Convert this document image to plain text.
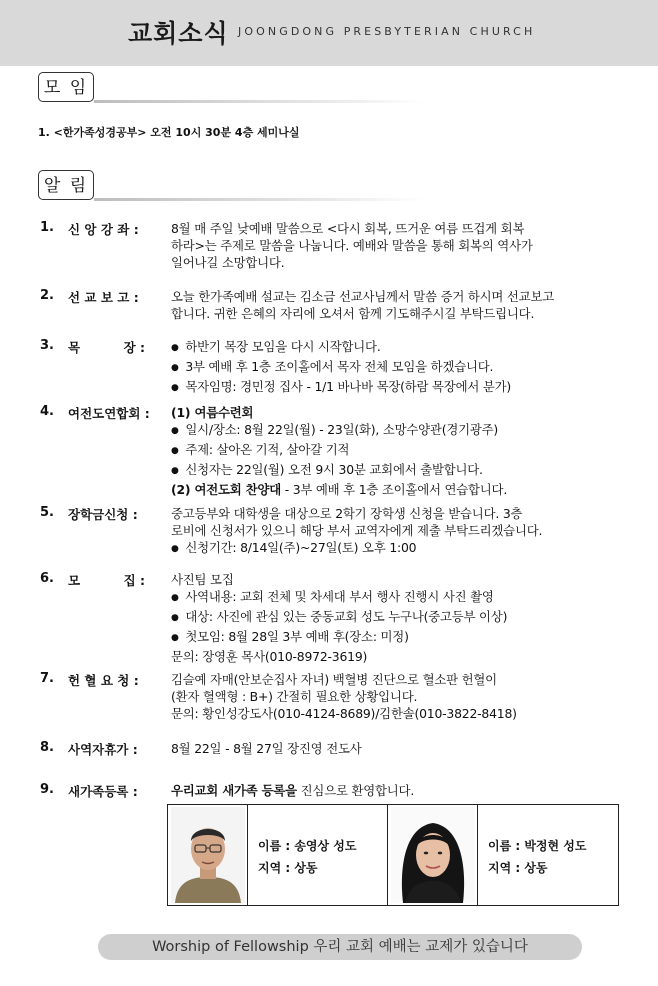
교회소식 JOONGDONG PRESBYTERIAN CHURCH
모 임
1. <한가족성경공부> 오전 10시 30분 4층 세미나실
알 림
1. 신 앙 강 좌 :	8월 매 주일 낮예배 말씀으로 <다시 회복, 뜨거운 여름 뜨겁게 회복

하라>는 주제로 말씀을 나눕니다. 예배와 말씀을 통해 회복의 역사가

일어나길 소망합니다.

2. 선 교 보 고 :	오늘 한가족예배 설교는 김소금 선교사님께서 말씀 증거 하시며 선교보고

합니다. 귀한 은혜의 자리에 오셔서 함께 기도해주시길 부탁드립니다.

3. 목          장 :

●	하반기 목장 모임을 다시 시작합니다.

● 3부 예배 후 1층 조이홀에서 목자 전체 모임을 하겠습니다.

● 목자임명: 경민정 집사 - 1/1 바나바 목장(하람 목장에서 분가)

4. 여전도연합회 :	(1) 여름수련회

● 일시/장소: 8월 22일(월) - 23일(화), 소망수양관(경기광주)

● 주제: 살아온 기적, 살아갈 기적

● 신청자는 22일(월) 오전 9시 30분 교회에서 출발합니다.

(2) 여전도회 찬양대 - 3부 예배 후 1층 조이홀에서 연습합니다.

5. 장학금신청 :	중고등부와 대학생을 대상으로 2학기 장학생 신청을 받습니다. 3층

로비에 신청서가 있으니 해당 부서 교역자에게 제출 부탁드리겠습니다.

● 신청기간: 8/14일(주)~27일(토) 오후 1:00

6. 모          집 :	사진팀 모집

● 사역내용: 교회 전체 및 차세대 부서 행사 진행시 사진 촬영

● 대상: 사진에 관심 있는 중동교회 성도 누구나(중고등부 이상)

● 첫모임: 8월 28일 3부 예배 후(장소: 미정)

문의: 장영훈 목사(010-8972-3619)

7. 헌 혈 요 청 :	김슬예 자매(안보순집사 자녀) 백혈병 진단으로 혈소판 헌혈이

(환자 혈액형 : B+) 간절히 필요한 상황입니다.

문의: 황인성강도사(010-4124-8689)/김한솔(010-3822-8418)

8. 사역자휴가 :	8월 22일 - 8월 27일 장진영 전도사

9. 새가족등록 :	우리교회 새가족 등록을 진심으로 환영합니다.

이름 : 송영상 성도
지역 : 상동
이름 : 박정현 성도
지역 : 상동
Worship of Fellowship 우리 교회 예배는 교제가 있습니다
